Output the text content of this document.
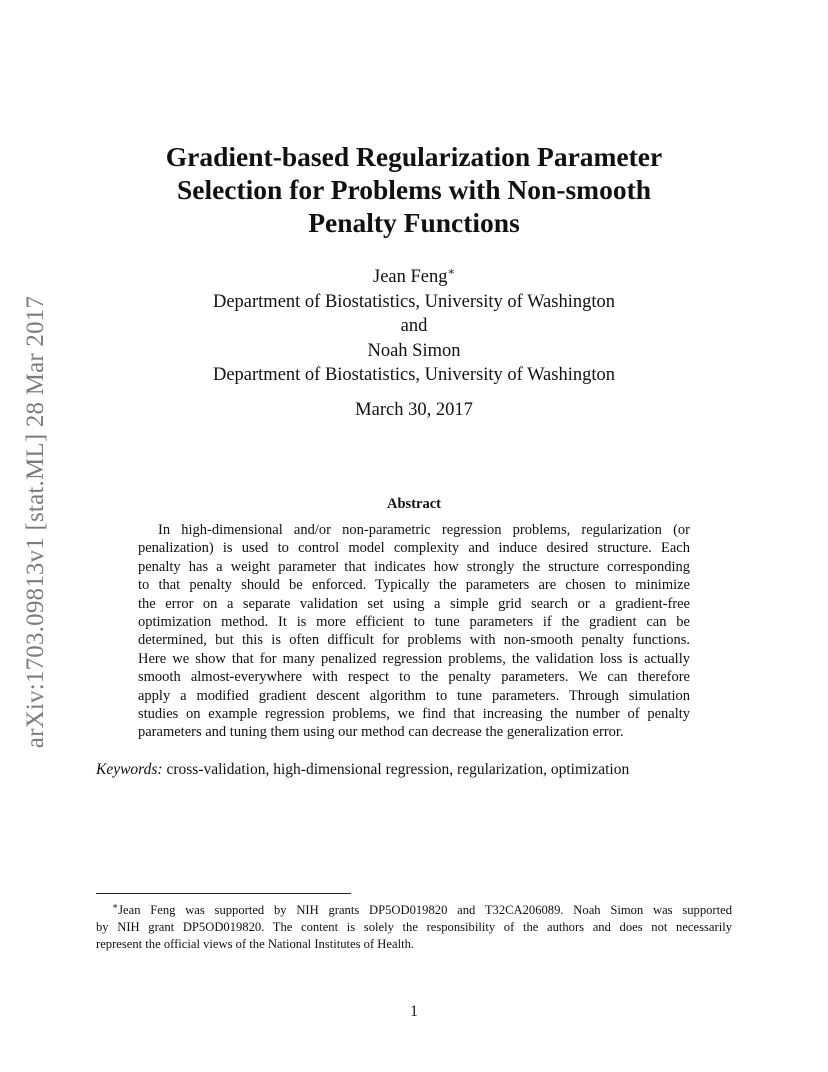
arXiv:1703.09813v1 [stat.ML] 28 Mar 2017
Gradient-based Regularization Parameter
Selection for Problems with Non-smooth
Penalty Functions
Jean Feng∗
Department of Biostatistics, University of Washington
and
Noah Simon
Department of Biostatistics, University of Washington
March 30, 2017
Abstract
In high-dimensional and/or non-parametric regression problems, regularization (or
penalization) is used to control model complexity and induce desired structure. Each
penalty has a weight parameter that indicates how strongly the structure corresponding
to that penalty should be enforced. Typically the parameters are chosen to minimize
the error on a separate validation set using a simple grid search or a gradient-free
optimization method. It is more efficient to tune parameters if the gradient can be
determined, but this is often difficult for problems with non-smooth penalty functions.
Here we show that for many penalized regression problems, the validation loss is actually
smooth almost-everywhere with respect to the penalty parameters. We can therefore
apply a modified gradient descent algorithm to tune parameters. Through simulation
studies on example regression problems, we find that increasing the number of penalty
parameters and tuning them using our method can decrease the generalization error.
Keywords: cross-validation, high-dimensional regression, regularization, optimization
∗Jean Feng was supported by NIH grants DP5OD019820 and T32CA206089. Noah Simon was supported
by NIH grant DP5OD019820. The content is solely the responsibility of the authors and does not necessarily
represent the official views of the National Institutes of Health.
1
